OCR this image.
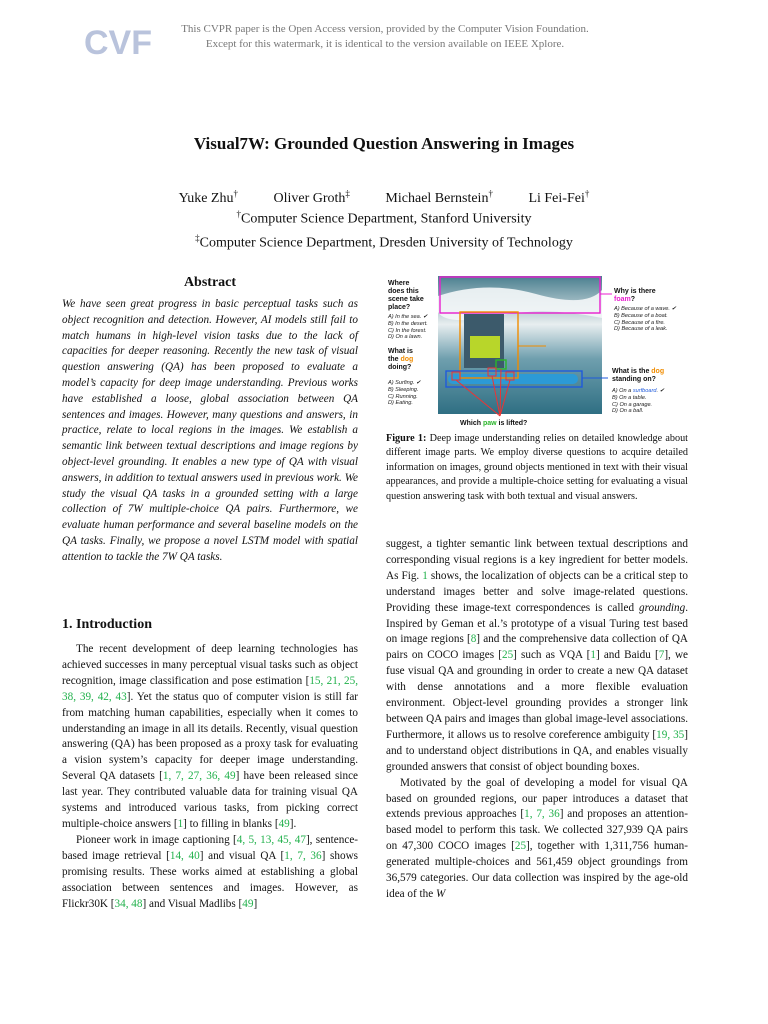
CVF	This CVPR paper is the Open Access version, provided by the Computer Vision Foundation.
Except for this watermark, it is identical to the version available on IEEE Xplore.
Visual7W: Grounded Question Answering in Images
Yuke Zhu†	Oliver Groth‡	Michael Bernstein†	Li Fei-Fei†
†Computer Science Department, Stanford University
‡Computer Science Department, Dresden University of Technology
Abstract
We have seen great progress in basic perceptual tasks such as object recognition and detection. However, AI models still fail to match humans in high-level vision tasks due to the lack of capacities for deeper reasoning. Recently the new task of visual question answering (QA) has been proposed to evaluate a model’s capacity for deep image understanding. Previous works have established a loose, global association between QA sentences and images. However, many questions and answers, in practice, relate to local regions in the images. We establish a semantic link between textual descriptions and image regions by object-level grounding. It enables a new type of QA with visual answers, in addition to textual answers used in previous work. We study the visual QA tasks in a grounded setting with a large collection of 7W multiple-choice QA pairs. Furthermore, we evaluate human performance and several baseline models on the QA tasks. Finally, we propose a novel LSTM model with spatial attention to tackle the 7W QA tasks.
1. Introduction

The recent development of deep learning technologies has achieved successes in many perceptual visual tasks such as object recognition, image classification and pose estimation [15, 21, 25, 38, 39, 42, 43]. Yet the status quo of computer vision is still far from matching human capabilities, especially when it comes to understanding an image in all its details. Recently, visual question answering (QA) has been proposed as a proxy task for evaluating a vision system’s capacity for deeper image understanding. Several QA datasets [1, 7, 27, 36, 49] have been released since last year. They contributed valuable data for training visual QA systems and introduced various tasks, from picking correct multiple-choice answers [1] to filling in blanks [49].

Pioneer work in image captioning [4, 5, 13, 45, 47], sentence-based image retrieval [14, 40] and visual QA [1, 7, 36] shows promising results. These works aimed at establishing a global association between sentences and images. However, as Flickr30K [34, 48] and Visual Madlibs [49]

Where
does this
scene take
place?
A) In the sea. ✔
B) In the desert.
C) In the forest.
D) On a lawn.
What is
the dog
doing?
A) Surfing. ✔
B) Sleeping.
C) Running.
D) Eating.
Why is there
foam?
A) Because of a wave. ✔
B) Because of a boat.
C) Because of a fire.
D) Because of a leak.
What is the dog
standing on?
A) On a surfboard. ✔
B) On a table.
C) On a garage.
D) On a ball.
Which paw is lifted?
Figure 1: Deep image understanding relies on detailed knowledge about different image parts. We employ diverse questions to acquire detailed information on images, ground objects mentioned in text with their visual appearances, and provide a multiple-choice setting for evaluating a visual question answering task with both textual and visual answers.

suggest, a tighter semantic link between textual descriptions and corresponding visual regions is a key ingredient for better models. As Fig. 1 shows, the localization of objects can be a critical step to understand images better and solve image-related questions. Providing these image-text correspondences is called grounding. Inspired by Geman et al.’s prototype of a visual Turing test based on image regions [8] and the comprehensive data collection of QA pairs on COCO images [25] such as VQA [1] and Baidu [7], we fuse visual QA and grounding in order to create a new QA dataset with dense annotations and a more flexible evaluation environment. Object-level grounding provides a stronger link between QA pairs and images than global image-level associations. Furthermore, it allows us to resolve coreference ambiguity [19, 35] and to understand object distributions in QA, and enables visually grounded answers that consist of object bounding boxes.

Motivated by the goal of developing a model for visual QA based on grounded regions, our paper introduces a dataset that extends previous approaches [1, 7, 36] and proposes an attention-based model to perform this task. We collected 327,939 QA pairs on 47,300 COCO images [25], together with 1,311,756 human-generated multiple-choices and 561,459 object groundings from 36,579 categories. Our data collection was inspired by the age-old idea of the W
